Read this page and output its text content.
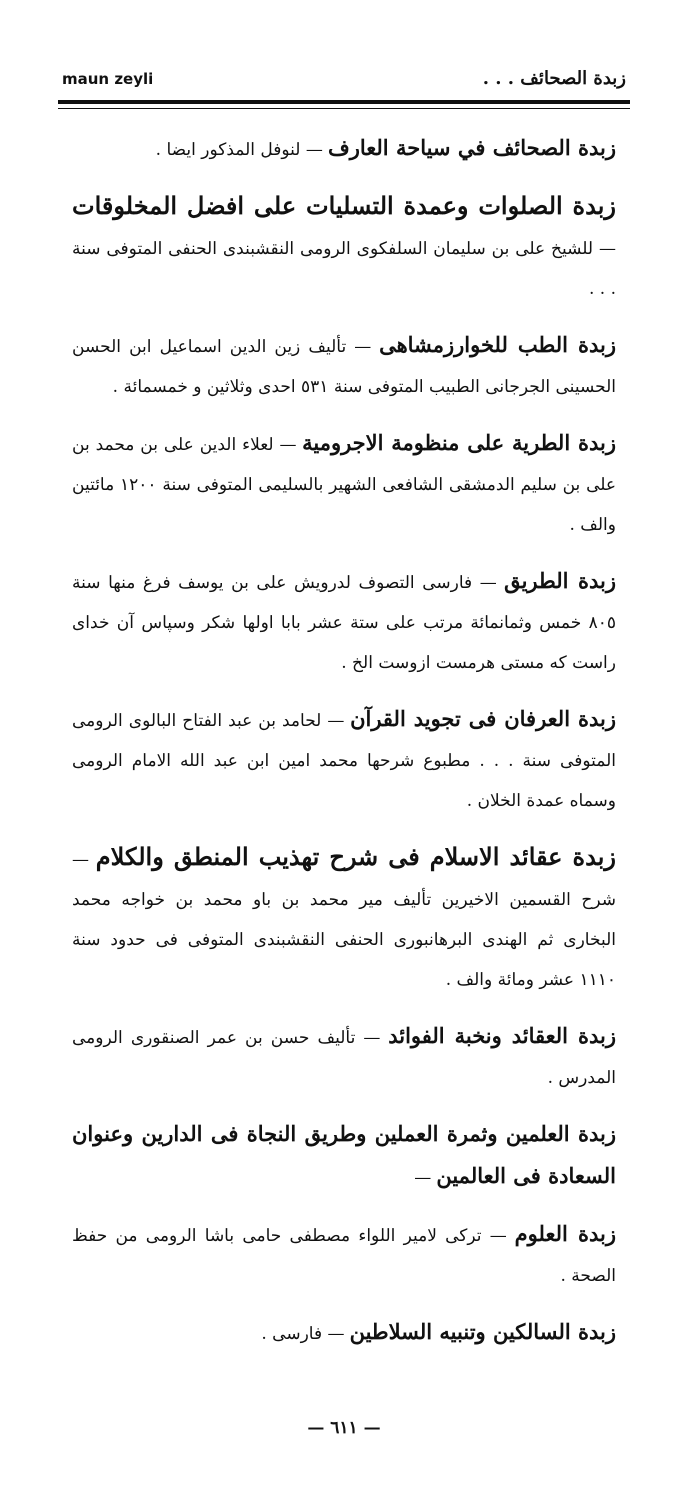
maun zeyli	زبدة الصحائف . . .

زبدة الصحائف في سياحة العارف — لنوفل المذكور ايضا .

زبدة الصلوات وعمدة التسليات على افضل المخلوقات — للشيخ على بن سليمان السلفكوى الرومى النقشبندى الحنفى المتوفى سنة . . .

زبدة الطب للخوارزمشاهى — تأليف زين الدين اسماعيل ابن الحسن الحسينى الجرجانى الطبيب المتوفى سنة ٥٣١ احدى وثلاثين و خمسمائة .

زبدة الطرية على منظومة الاجرومية — لعلاء الدين على بن محمد بن على بن سليم الدمشقى الشافعى الشهير بالسليمى المتوفى سنة ١٢٠٠ مائتين والف .

زبدة الطريق — فارسى التصوف لدرويش على بن يوسف فرغ منها سنة ٨٠٥ خمس وثمانمائة مرتب على ستة عشر بابا اولها شكر وسپاس آن خداى راست كه مستى هرمست ازوست الخ .

زبدة العرفان فى تجويد القرآن — لحامد بن عبد الفتاح البالوى الرومى المتوفى سنة . . . مطبوع شرحها محمد امين ابن عبد الله الامام الرومى وسماه عمدة الخلان .

زبدة عقائد الاسلام فى شرح تهذيب المنطق والكلام — شرح القسمين الاخيرين تأليف مير محمد بن باو محمد بن خواجه محمد البخارى ثم الهندى البرهانبورى الحنفى النقشبندى المتوفى فى حدود سنة ١١١٠ عشر ومائة والف .

زبدة العقائد ونخبة الفوائد — تأليف حسن بن عمر الصنقورى الرومى المدرس .

زبدة العلمين وثمرة العملين وطريق النجاة فى الدارين وعنوان السعادة فى العالمين —

زبدة العلوم — تركى لامير اللواء مصطفى حامى باشا الرومى من حفظ الصحة .

زبدة السالكين وتنبيه السلاطين — فارسى .

— ٦١١ —
